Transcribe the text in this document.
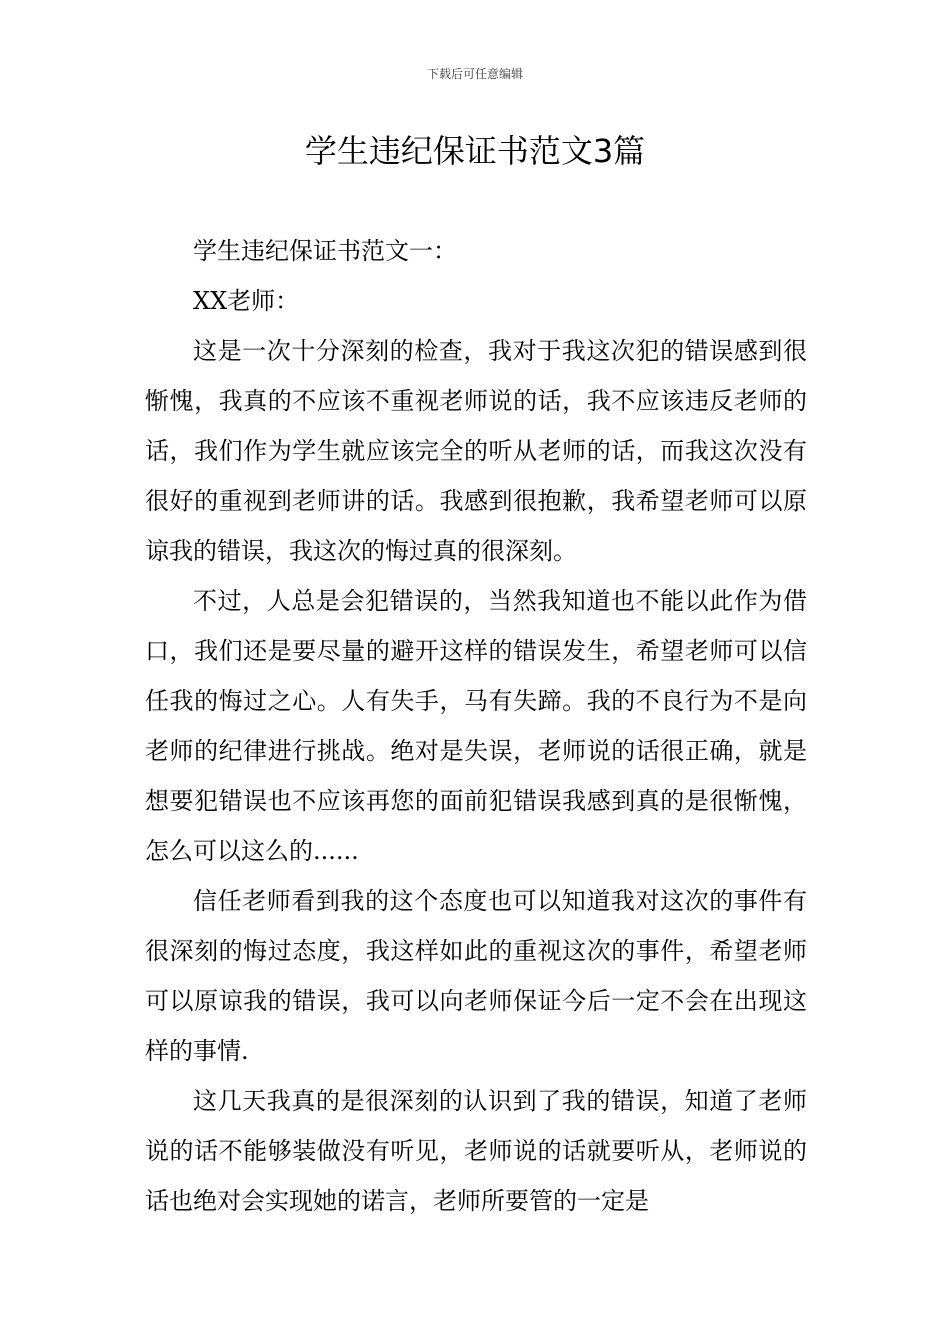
下载后可任意编辑
学生违纪保证书范文3篇

学生违纪保证书范文一：

XX老师：

这是一次十分深刻的检查，我对于我这次犯的错误感到很惭愧，我真的不应该不重视老师说的话，我不应该违反老师的话，我们作为学生就应该完全的听从老师的话，而我这次没有很好的重视到老师讲的话。我感到很抱歉，我希望老师可以原谅我的错误，我这次的悔过真的很深刻。

不过，人总是会犯错误的，当然我知道也不能以此作为借口，我们还是要尽量的避开这样的错误发生，希望老师可以信任我的悔过之心。人有失手，马有失蹄。我的不良行为不是向老师的纪律进行挑战。绝对是失误，老师说的话很正确，就是想要犯错误也不应该再您的面前犯错误我感到真的是很惭愧，怎么可以这么的......

信任老师看到我的这个态度也可以知道我对这次的事件有很深刻的悔过态度，我这样如此的重视这次的事件，希望老师可以原谅我的错误，我可以向老师保证今后一定不会在出现这样的事情.

这几天我真的是很深刻的认识到了我的错误，知道了老师说的话不能够装做没有听见，老师说的话就要听从，老师说的话也绝对会实现她的诺言，老师所要管的一定是
